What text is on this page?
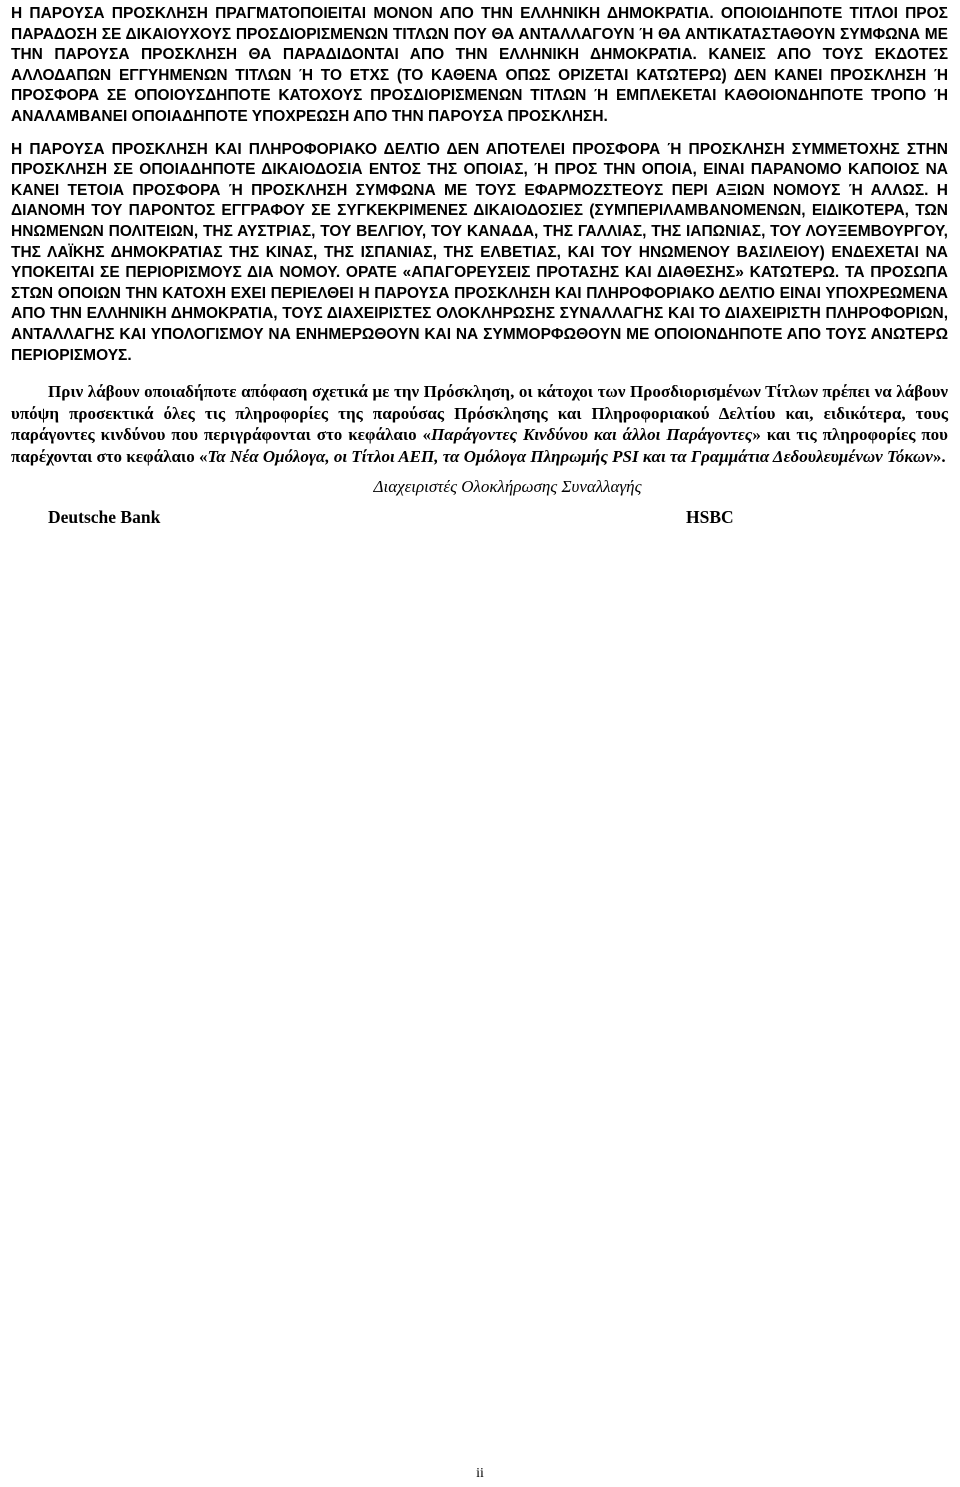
Η ΠΑΡΟΥΣΑ ΠΡΟΣΚΛΗΣΗ ΠΡΑΓΜΑΤΟΠΟΙΕΙΤΑΙ ΜΟΝΟΝ ΑΠΟ ΤΗΝ ΕΛΛΗΝΙΚΗ ΔΗΜΟΚΡΑΤΙΑ. ΟΠΟΙΟΙΔΗΠΟΤΕ ΤΙΤΛΟΙ ΠΡΟΣ ΠΑΡΑΔΟΣΗ ΣΕ ΔΙΚΑΙΟΥΧΟΥΣ ΠΡΟΣΔΙΟΡΙΣΜΕΝΩΝ ΤΙΤΛΩΝ ΠΟΥ ΘΑ ΑΝΤΑΛΛΑΓΟΥΝ Ή ΘΑ ΑΝΤΙΚΑΤΑΣΤΑΘΟΥΝ ΣΥΜΦΩΝΑ ΜΕ ΤΗΝ ΠΑΡΟΥΣΑ ΠΡΟΣΚΛΗΣΗ ΘΑ ΠΑΡΑΔΙΔΟΝΤΑΙ ΑΠΟ ΤΗΝ ΕΛΛΗΝΙΚΗ ΔΗΜΟΚΡΑΤΙΑ. ΚΑΝΕΙΣ ΑΠΟ ΤΟΥΣ ΕΚΔΟΤΕΣ ΑΛΛΟΔΑΠΩΝ ΕΓΓΥΗΜΕΝΩΝ ΤΙΤΛΩΝ Ή ΤΟ ΕΤΧΣ (ΤΟ ΚΑΘΕΝΑ ΟΠΩΣ ΟΡΙΖΕΤΑΙ ΚΑΤΩΤΕΡΩ) ΔΕΝ ΚΑΝΕΙ ΠΡΟΣΚΛΗΣΗ Ή ΠΡΟΣΦΟΡΑ ΣΕ ΟΠΟΙΟΥΣΔΗΠΟΤΕ ΚΑΤΟΧΟΥΣ ΠΡΟΣΔΙΟΡΙΣΜΕΝΩΝ ΤΙΤΛΩΝ Ή ΕΜΠΛΕΚΕΤΑΙ ΚΑΘΟΙΟΝΔΗΠΟΤΕ ΤΡΟΠΟ Ή ΑΝΑΛΑΜΒΑΝΕΙ ΟΠΟΙΑΔΗΠΟΤΕ ΥΠΟΧΡΕΩΣΗ ΑΠΟ ΤΗΝ ΠΑΡΟΥΣΑ ΠΡΟΣΚΛΗΣΗ.

Η ΠΑΡΟΥΣΑ ΠΡΟΣΚΛΗΣΗ ΚΑΙ ΠΛΗΡΟΦΟΡΙΑΚΟ ΔΕΛΤΙΟ ΔΕΝ ΑΠΟΤΕΛΕΙ ΠΡΟΣΦΟΡΑ Ή ΠΡΟΣΚΛΗΣΗ ΣΥΜΜΕΤΟΧΗΣ ΣΤΗΝ ΠΡΟΣΚΛΗΣΗ ΣΕ ΟΠΟΙΑΔΗΠΟΤΕ ΔΙΚΑΙΟΔΟΣΙΑ ΕΝΤΟΣ ΤΗΣ ΟΠΟΙΑΣ, Ή ΠΡΟΣ ΤΗΝ ΟΠΟΙΑ, ΕΙΝΑΙ ΠΑΡΑΝΟΜΟ ΚΑΠΟΙΟΣ ΝΑ ΚΑΝΕΙ ΤΕΤΟΙΑ ΠΡΟΣΦΟΡΑ Ή ΠΡΟΣΚΛΗΣΗ ΣΥΜΦΩΝΑ ΜΕ ΤΟΥΣ ΕΦΑΡΜΟΖΣΤΕΟΥΣ ΠΕΡΙ ΑΞΙΩΝ ΝΟΜΟΥΣ Ή ΑΛΛΩΣ. Η ΔΙΑΝΟΜΗ ΤΟΥ ΠΑΡΟΝΤΟΣ ΕΓΓΡΑΦΟΥ ΣΕ ΣΥΓΚΕΚΡΙΜΕΝΕΣ ΔΙΚΑΙΟΔΟΣΙΕΣ (ΣΥΜΠΕΡΙΛΑΜΒΑΝΟΜΕΝΩΝ, ΕΙΔΙΚΟΤΕΡΑ, ΤΩΝ ΗΝΩΜΕΝΩΝ ΠΟΛΙΤΕΙΩΝ, ΤΗΣ ΑΥΣΤΡΙΑΣ, ΤΟΥ ΒΕΛΓΙΟΥ, ΤΟΥ ΚΑΝΑΔΑ, ΤΗΣ ΓΑΛΛΙΑΣ, ΤΗΣ ΙΑΠΩΝΙΑΣ, ΤΟΥ ΛΟΥΞΕΜΒΟΥΡΓΟΥ, ΤΗΣ ΛΑΪΚΗΣ ΔΗΜΟΚΡΑΤΙΑΣ ΤΗΣ ΚΙΝΑΣ, ΤΗΣ ΙΣΠΑΝΙΑΣ, ΤΗΣ ΕΛΒΕΤΙΑΣ, ΚΑΙ ΤΟΥ ΗΝΩΜΕΝΟΥ ΒΑΣΙΛΕΙΟΥ) ΕΝΔΕΧΕΤΑΙ ΝΑ ΥΠΟΚΕΙΤΑΙ ΣΕ ΠΕΡΙΟΡΙΣΜΟΥΣ ΔΙΑ ΝΟΜΟΥ. ΟΡΑΤΕ «ΑΠΑΓΟΡΕΥΣΕΙΣ ΠΡΟΤΑΣΗΣ ΚΑΙ ΔΙΑΘΕΣΗΣ» ΚΑΤΩΤΕΡΩ. ΤΑ ΠΡΟΣΩΠΑ ΣΤΩΝ ΟΠΟΙΩΝ ΤΗΝ ΚΑΤΟΧΗ ΕΧΕΙ ΠΕΡΙΕΛΘΕΙ Η ΠΑΡΟΥΣΑ ΠΡΟΣΚΛΗΣΗ ΚΑΙ ΠΛΗΡΟΦΟΡΙΑΚΟ ΔΕΛΤΙΟ ΕΙΝΑΙ ΥΠΟΧΡΕΩΜΕΝΑ ΑΠΟ ΤΗΝ ΕΛΛΗΝΙΚΗ ΔΗΜΟΚΡΑΤΙΑ, ΤΟΥΣ ΔΙΑΧΕΙΡΙΣΤΕΣ ΟΛΟΚΛΗΡΩΣΗΣ ΣΥΝΑΛΛΑΓΗΣ ΚΑΙ ΤΟ ΔΙΑΧΕΙΡΙΣΤΗ ΠΛΗΡΟΦΟΡΙΩΝ, ΑΝΤΑΛΛΑΓΗΣ ΚΑΙ ΥΠΟΛΟΓΙΣΜΟΥ ΝΑ ΕΝΗΜΕΡΩΘΟΥΝ ΚΑΙ ΝΑ ΣΥΜΜΟΡΦΩΘΟΥΝ ΜΕ ΟΠΟΙΟΝΔΗΠΟΤΕ ΑΠΟ ΤΟΥΣ ΑΝΩΤΕΡΩ ΠΕΡΙΟΡΙΣΜΟΥΣ.

Πριν λάβουν οποιαδήποτε απόφαση σχετικά με την Πρόσκληση, οι κάτοχοι των Προσδιορισμένων Τίτλων πρέπει να λάβουν υπόψη προσεκτικά όλες τις πληροφορίες της παρούσας Πρόσκλησης και Πληροφοριακού Δελτίου και, ειδικότερα, τους παράγοντες κινδύνου που περιγράφονται στο κεφάλαιο «Παράγοντες Κινδύνου και άλλοι Παράγοντες» και τις πληροφορίες που παρέχονται στο κεφάλαιο «Τα Νέα Ομόλογα, οι Τίτλοι ΑΕΠ, τα Ομόλογα Πληρωμής PSI και τα Γραμμάτια Δεδουλευμένων Τόκων».

Διαχειριστές Ολοκλήρωσης Συναλλαγής

Deutsche Bank	HSBC
ii
